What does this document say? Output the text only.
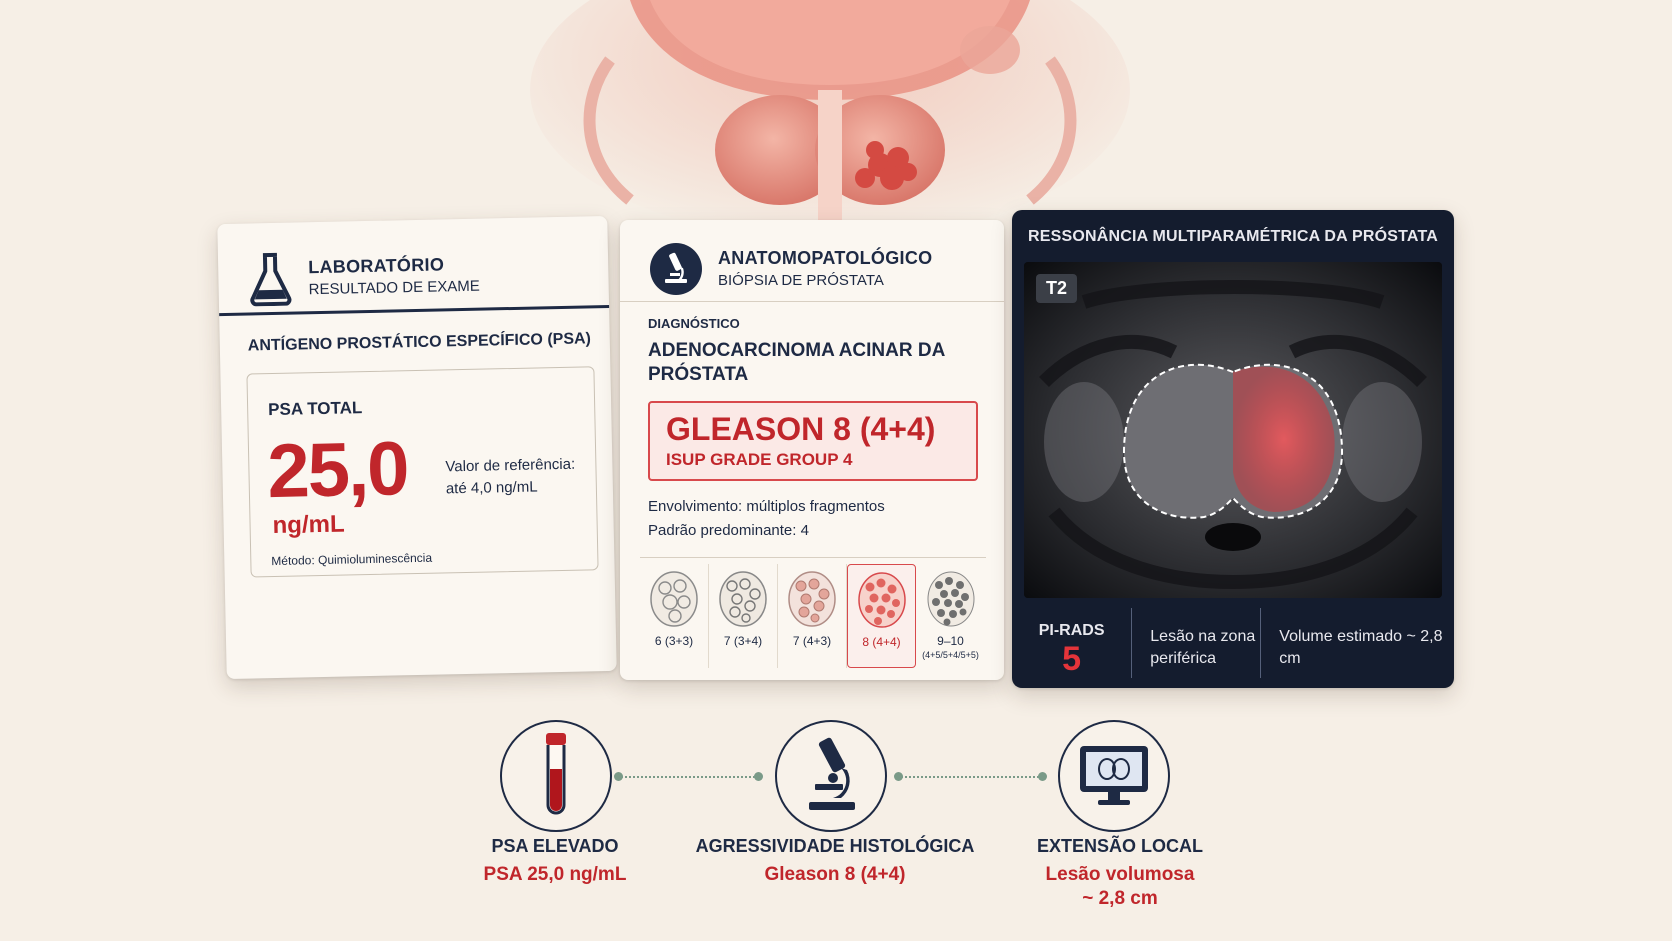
LABORATÓRIO
RESULTADO DE EXAME
ANTÍGENO PROSTÁTICO ESPECÍFICO (PSA)
PSA TOTAL
25,0
ng/mL
Valor de referência:
até 4,0 ng/mL
Método: Quimioluminescência
ANATOMOPATOLÓGICO
BIÓPSIA DE PRÓSTATA
DIAGNÓSTICO
ADENOCARCINOMA ACINAR DA PRÓSTATA
GLEASON 8 (4+4)
ISUP GRADE GROUP 4
Envolvimento: múltiplos fragmentos
Padrão predominante: 4
6 (3+3)	7 (3+4)	7 (4+3)	8 (4+4)	9–10
(4+5/5+4/5+5)
RESSONÂNCIA MULTIPARAMÉTRICA DA PRÓSTATA
T2
PI-RADS
5
Lesão na zona periférica
Volume estimado ~ 2,8 cm
PSA ELEVADO
PSA 25,0 ng/mL
AGRESSIVIDADE HISTOLÓGICA
Gleason 8 (4+4)
EXTENSÃO LOCAL
Lesão volumosa
~ 2,8 cm
